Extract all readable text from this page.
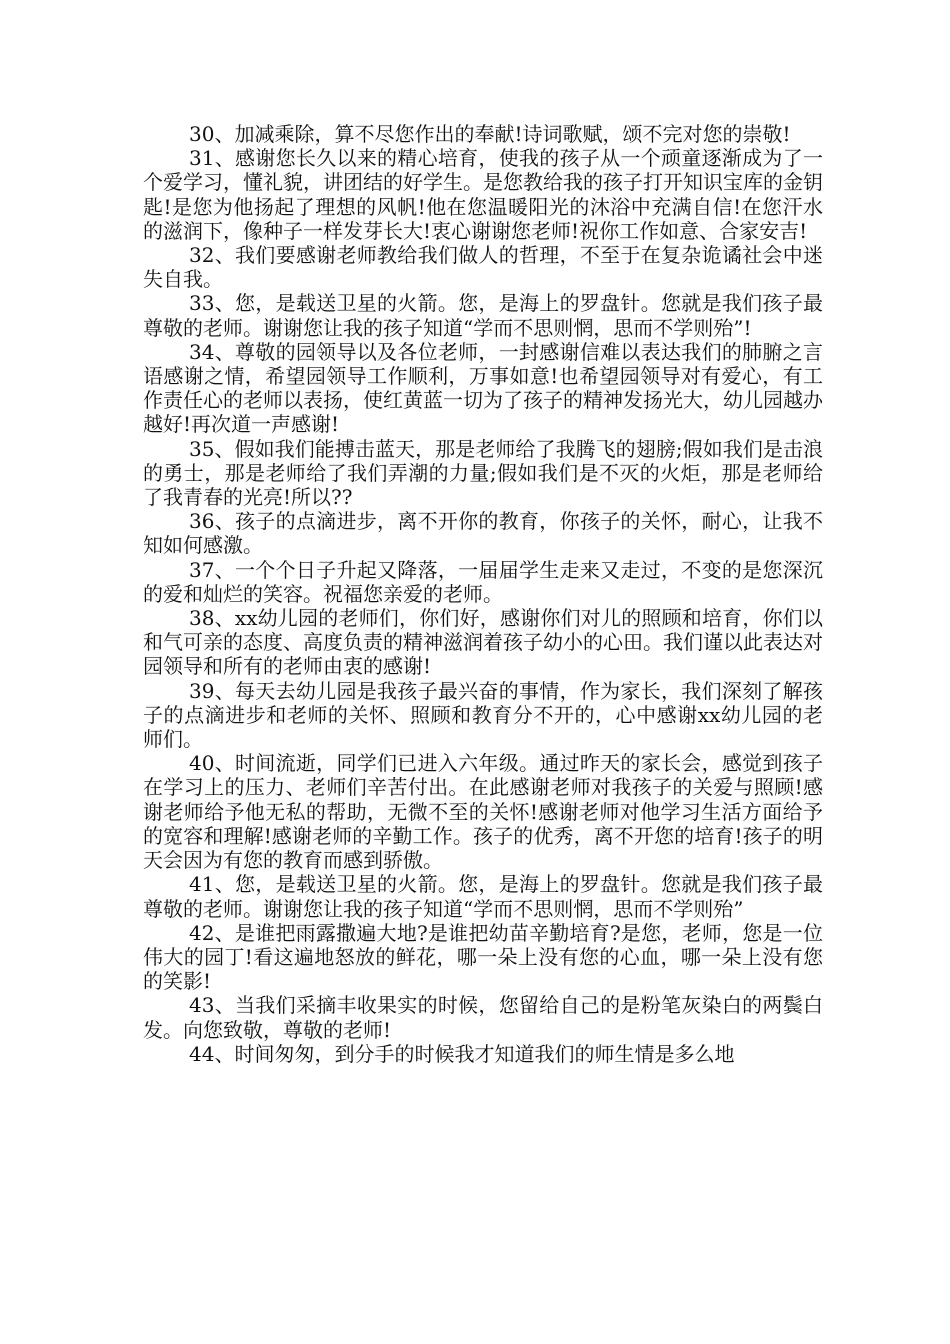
30、加减乘除，算不尽您作出的奉献!诗词歌赋，颂不完对您的崇敬!

31、感谢您长久以来的精心培育，使我的孩子从一个顽童逐渐成为了一个爱学习，懂礼貌，讲团结的好学生。是您教给我的孩子打开知识宝库的金钥匙!是您为他扬起了理想的风帆!他在您温暖阳光的沐浴中充满自信!在您汗水的滋润下，像种子一样发芽长大!衷心谢谢您老师!祝你工作如意、合家安吉!

32、我们要感谢老师教给我们做人的哲理，不至于在复杂诡谲社会中迷失自我。

33、您，是载送卫星的火箭。您，是海上的罗盘针。您就是我们孩子最尊敬的老师。谢谢您让我的孩子知道“学而不思则惘，思而不学则殆”!

34、尊敬的园领导以及各位老师，一封感谢信难以表达我们的肺腑之言语感谢之情，希望园领导工作顺利，万事如意!也希望园领导对有爱心，有工作责任心的老师以表扬，使红黄蓝一切为了孩子的精神发扬光大，幼儿园越办越好!再次道一声感谢!

35、假如我们能搏击蓝天，那是老师给了我腾飞的翅膀;假如我们是击浪的勇士，那是老师给了我们弄潮的力量;假如我们是不灭的火炬，那是老师给了我青春的光亮!所以??

36、孩子的点滴进步，离不开你的教育，你孩子的关怀，耐心，让我不知如何感激。

37、一个个日子升起又降落，一届届学生走来又走过，不变的是您深沉的爱和灿烂的笑容。祝福您亲爱的老师。

38、xx幼儿园的老师们，你们好，感谢你们对儿的照顾和培育，你们以和气可亲的态度、高度负责的精神滋润着孩子幼小的心田。我们谨以此表达对园领导和所有的老师由衷的感谢!

39、每天去幼儿园是我孩子最兴奋的事情，作为家长，我们深刻了解孩子的点滴进步和老师的关怀、照顾和教育分不开的，心中感谢xx幼儿园的老师们。

40、时间流逝，同学们已进入六年级。通过昨天的家长会，感觉到孩子在学习上的压力、老师们辛苦付出。在此感谢老师对我孩子的关爱与照顾!感谢老师给予他无私的帮助，无微不至的关怀!感谢老师对他学习生活方面给予的宽容和理解!感谢老师的辛勤工作。孩子的优秀，离不开您的培育!孩子的明天会因为有您的教育而感到骄傲。

41、您，是载送卫星的火箭。您，是海上的罗盘针。您就是我们孩子最尊敬的老师。谢谢您让我的孩子知道“学而不思则惘，思而不学则殆”

42、是谁把雨露撒遍大地?是谁把幼苗辛勤培育?是您，老师，您是一位伟大的园丁!看这遍地怒放的鲜花，哪一朵上没有您的心血，哪一朵上没有您的笑影!

43、当我们采摘丰收果实的时候，您留给自己的是粉笔灰染白的两鬓白发。向您致敬，尊敬的老师!

44、时间匆匆，到分手的时候我才知道我们的师生情是多么地
